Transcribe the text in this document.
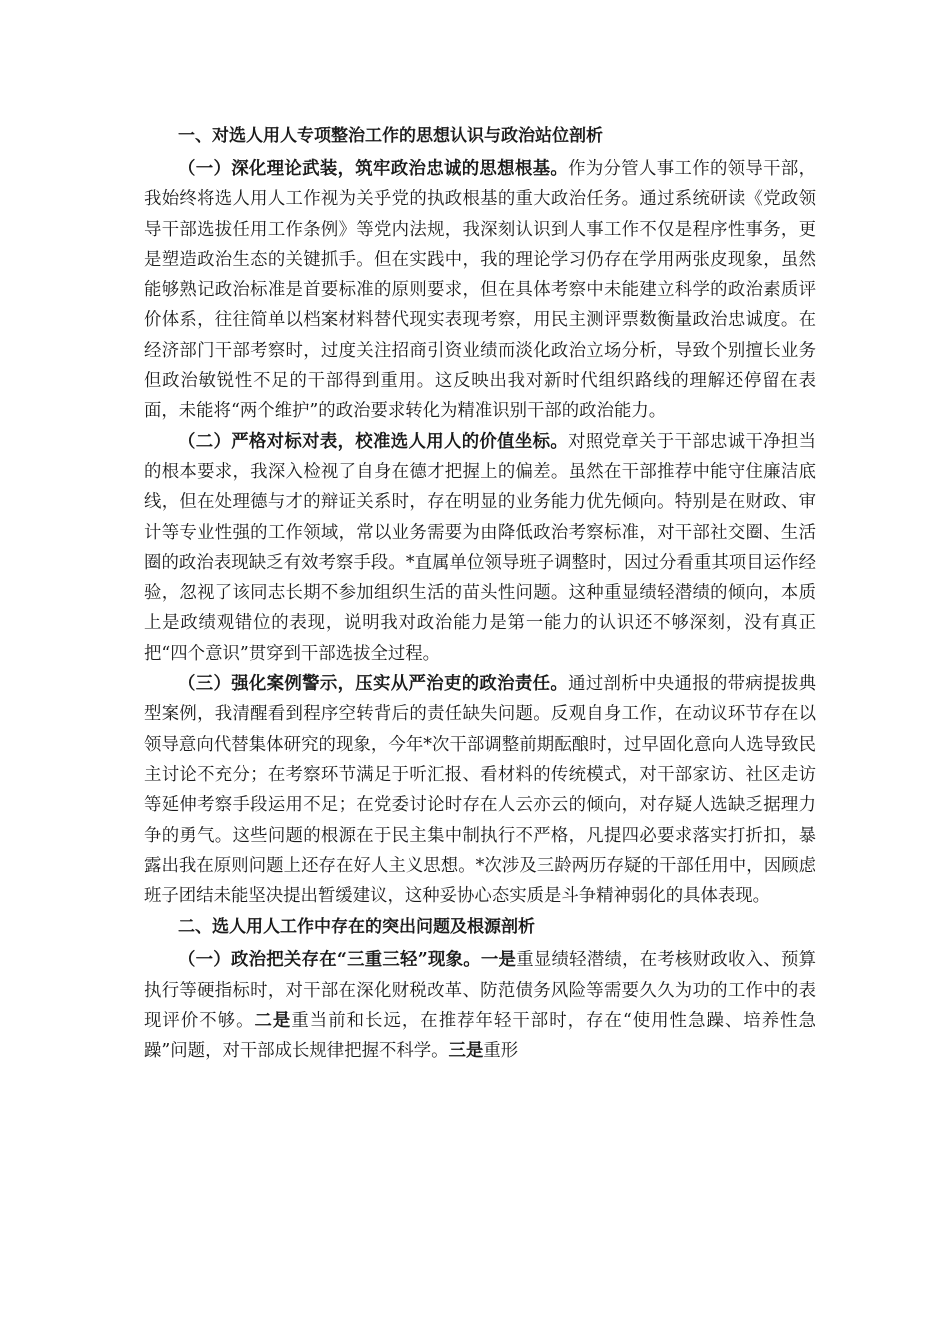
一、对选人用人专项整治工作的思想认识与政治站位剖析

（一）深化理论武装，筑牢政治忠诚的思想根基。作为分管人事工作的领导干部，我始终将选人用人工作视为关乎党的执政根基的重大政治任务。通过系统研读《党政领导干部选拔任用工作条例》等党内法规，我深刻认识到人事工作不仅是程序性事务，更是塑造政治生态的关键抓手。但在实践中，我的理论学习仍存在学用两张皮现象，虽然能够熟记政治标准是首要标准的原则要求，但在具体考察中未能建立科学的政治素质评价体系，往往简单以档案材料替代现实表现考察，用民主测评票数衡量政治忠诚度。在经济部门干部考察时，过度关注招商引资业绩而淡化政治立场分析，导致个别擅长业务但政治敏锐性不足的干部得到重用。这反映出我对新时代组织路线的理解还停留在表面，未能将“两个维护”的政治要求转化为精准识别干部的政治能力。

（二）严格对标对表，校准选人用人的价值坐标。对照党章关于干部忠诚干净担当的根本要求，我深入检视了自身在德才把握上的偏差。虽然在干部推荐中能守住廉洁底线，但在处理德与才的辩证关系时，存在明显的业务能力优先倾向。特别是在财政、审计等专业性强的工作领域，常以业务需要为由降低政治考察标准，对干部社交圈、生活圈的政治表现缺乏有效考察手段。*直属单位领导班子调整时，因过分看重其项目运作经验，忽视了该同志长期不参加组织生活的苗头性问题。这种重显绩轻潜绩的倾向，本质上是政绩观错位的表现，说明我对政治能力是第一能力的认识还不够深刻，没有真正把“四个意识”贯穿到干部选拔全过程。

（三）强化案例警示，压实从严治吏的政治责任。通过剖析中央通报的带病提拔典型案例，我清醒看到程序空转背后的责任缺失问题。反观自身工作，在动议环节存在以领导意向代替集体研究的现象，今年*次干部调整前期酝酿时，过早固化意向人选导致民主讨论不充分；在考察环节满足于听汇报、看材料的传统模式，对干部家访、社区走访等延伸考察手段运用不足；在党委讨论时存在人云亦云的倾向，对存疑人选缺乏据理力争的勇气。这些问题的根源在于民主集中制执行不严格，凡提四必要求落实打折扣，暴露出我在原则问题上还存在好人主义思想。*次涉及三龄两历存疑的干部任用中，因顾虑班子团结未能坚决提出暂缓建议，这种妥协心态实质是斗争精神弱化的具体表现。

二、选人用人工作中存在的突出问题及根源剖析

（一）政治把关存在“三重三轻”现象。一是重显绩轻潜绩，在考核财政收入、预算执行等硬指标时，对干部在深化财税改革、防范债务风险等需要久久为功的工作中的表现评价不够。二是重当前和长远，在推荐年轻干部时，存在“使用性急躁、培养性急躁”问题，对干部成长规律把握不科学。三是重形
